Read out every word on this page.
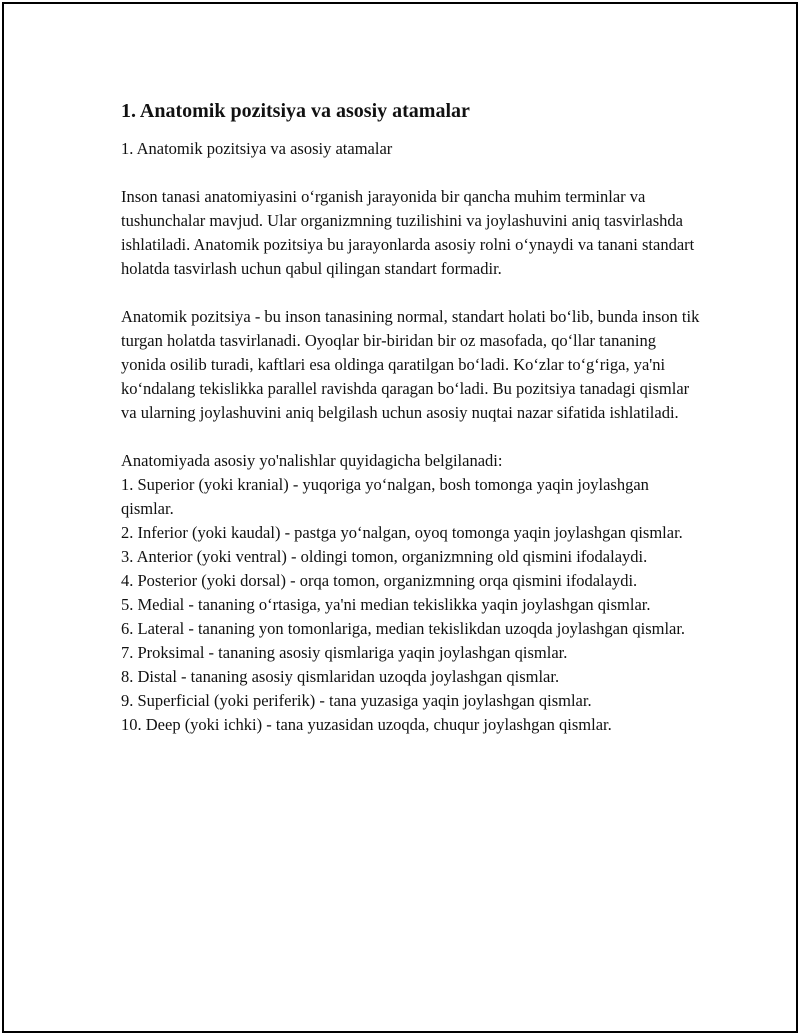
1. Anatomik pozitsiya va asosiy atamalar
1. Anatomik pozitsiya va asosiy atamalar

Inson tanasi anatomiyasini o‘rganish jarayonida bir qancha muhim terminlar va tushunchalar mavjud. Ular organizmning tuzilishini va joylashuvini aniq tasvirlashda ishlatiladi. Anatomik pozitsiya bu jarayonlarda asosiy rolni o‘ynaydi va tanani standart holatda tasvirlash uchun qabul qilingan standart formadir.

Anatomik pozitsiya - bu inson tanasining normal, standart holati bo‘lib, bunda inson tik turgan holatda tasvirlanadi. Oyoqlar bir-biridan bir oz masofada, qo‘llar tananing yonida osilib turadi, kaftlari esa oldinga qaratilgan bo‘ladi. Ko‘zlar to‘g‘riga, ya'ni ko‘ndalang tekislikka parallel ravishda qaragan bo‘ladi. Bu pozitsiya tanadagi qismlar va ularning joylashuvini aniq belgilash uchun asosiy nuqtai nazar sifatida ishlatiladi.

Anatomiyada asosiy yo'nalishlar quyidagicha belgilanadi:
1. Superior (yoki kranial) - yuqoriga yo‘nalgan, bosh tomonga yaqin joylashgan qismlar.
2. Inferior (yoki kaudal) - pastga yo‘nalgan, oyoq tomonga yaqin joylashgan qismlar.
3. Anterior (yoki ventral) - oldingi tomon, organizmning old qismini ifodalaydi.
4. Posterior (yoki dorsal) - orqa tomon, organizmning orqa qismini ifodalaydi.
5. Medial - tananing o‘rtasiga, ya'ni median tekislikka yaqin joylashgan qismlar.
6. Lateral - tananing yon tomonlariga, median tekislikdan uzoqda joylashgan qismlar.
7. Proksimal - tananing asosiy qismlariga yaqin joylashgan qismlar.
8. Distal - tananing asosiy qismlaridan uzoqda joylashgan qismlar.
9. Superficial (yoki periferik) - tana yuzasiga yaqin joylashgan qismlar.
10. Deep (yoki ichki) - tana yuzasidan uzoqda, chuqur joylashgan qismlar.
